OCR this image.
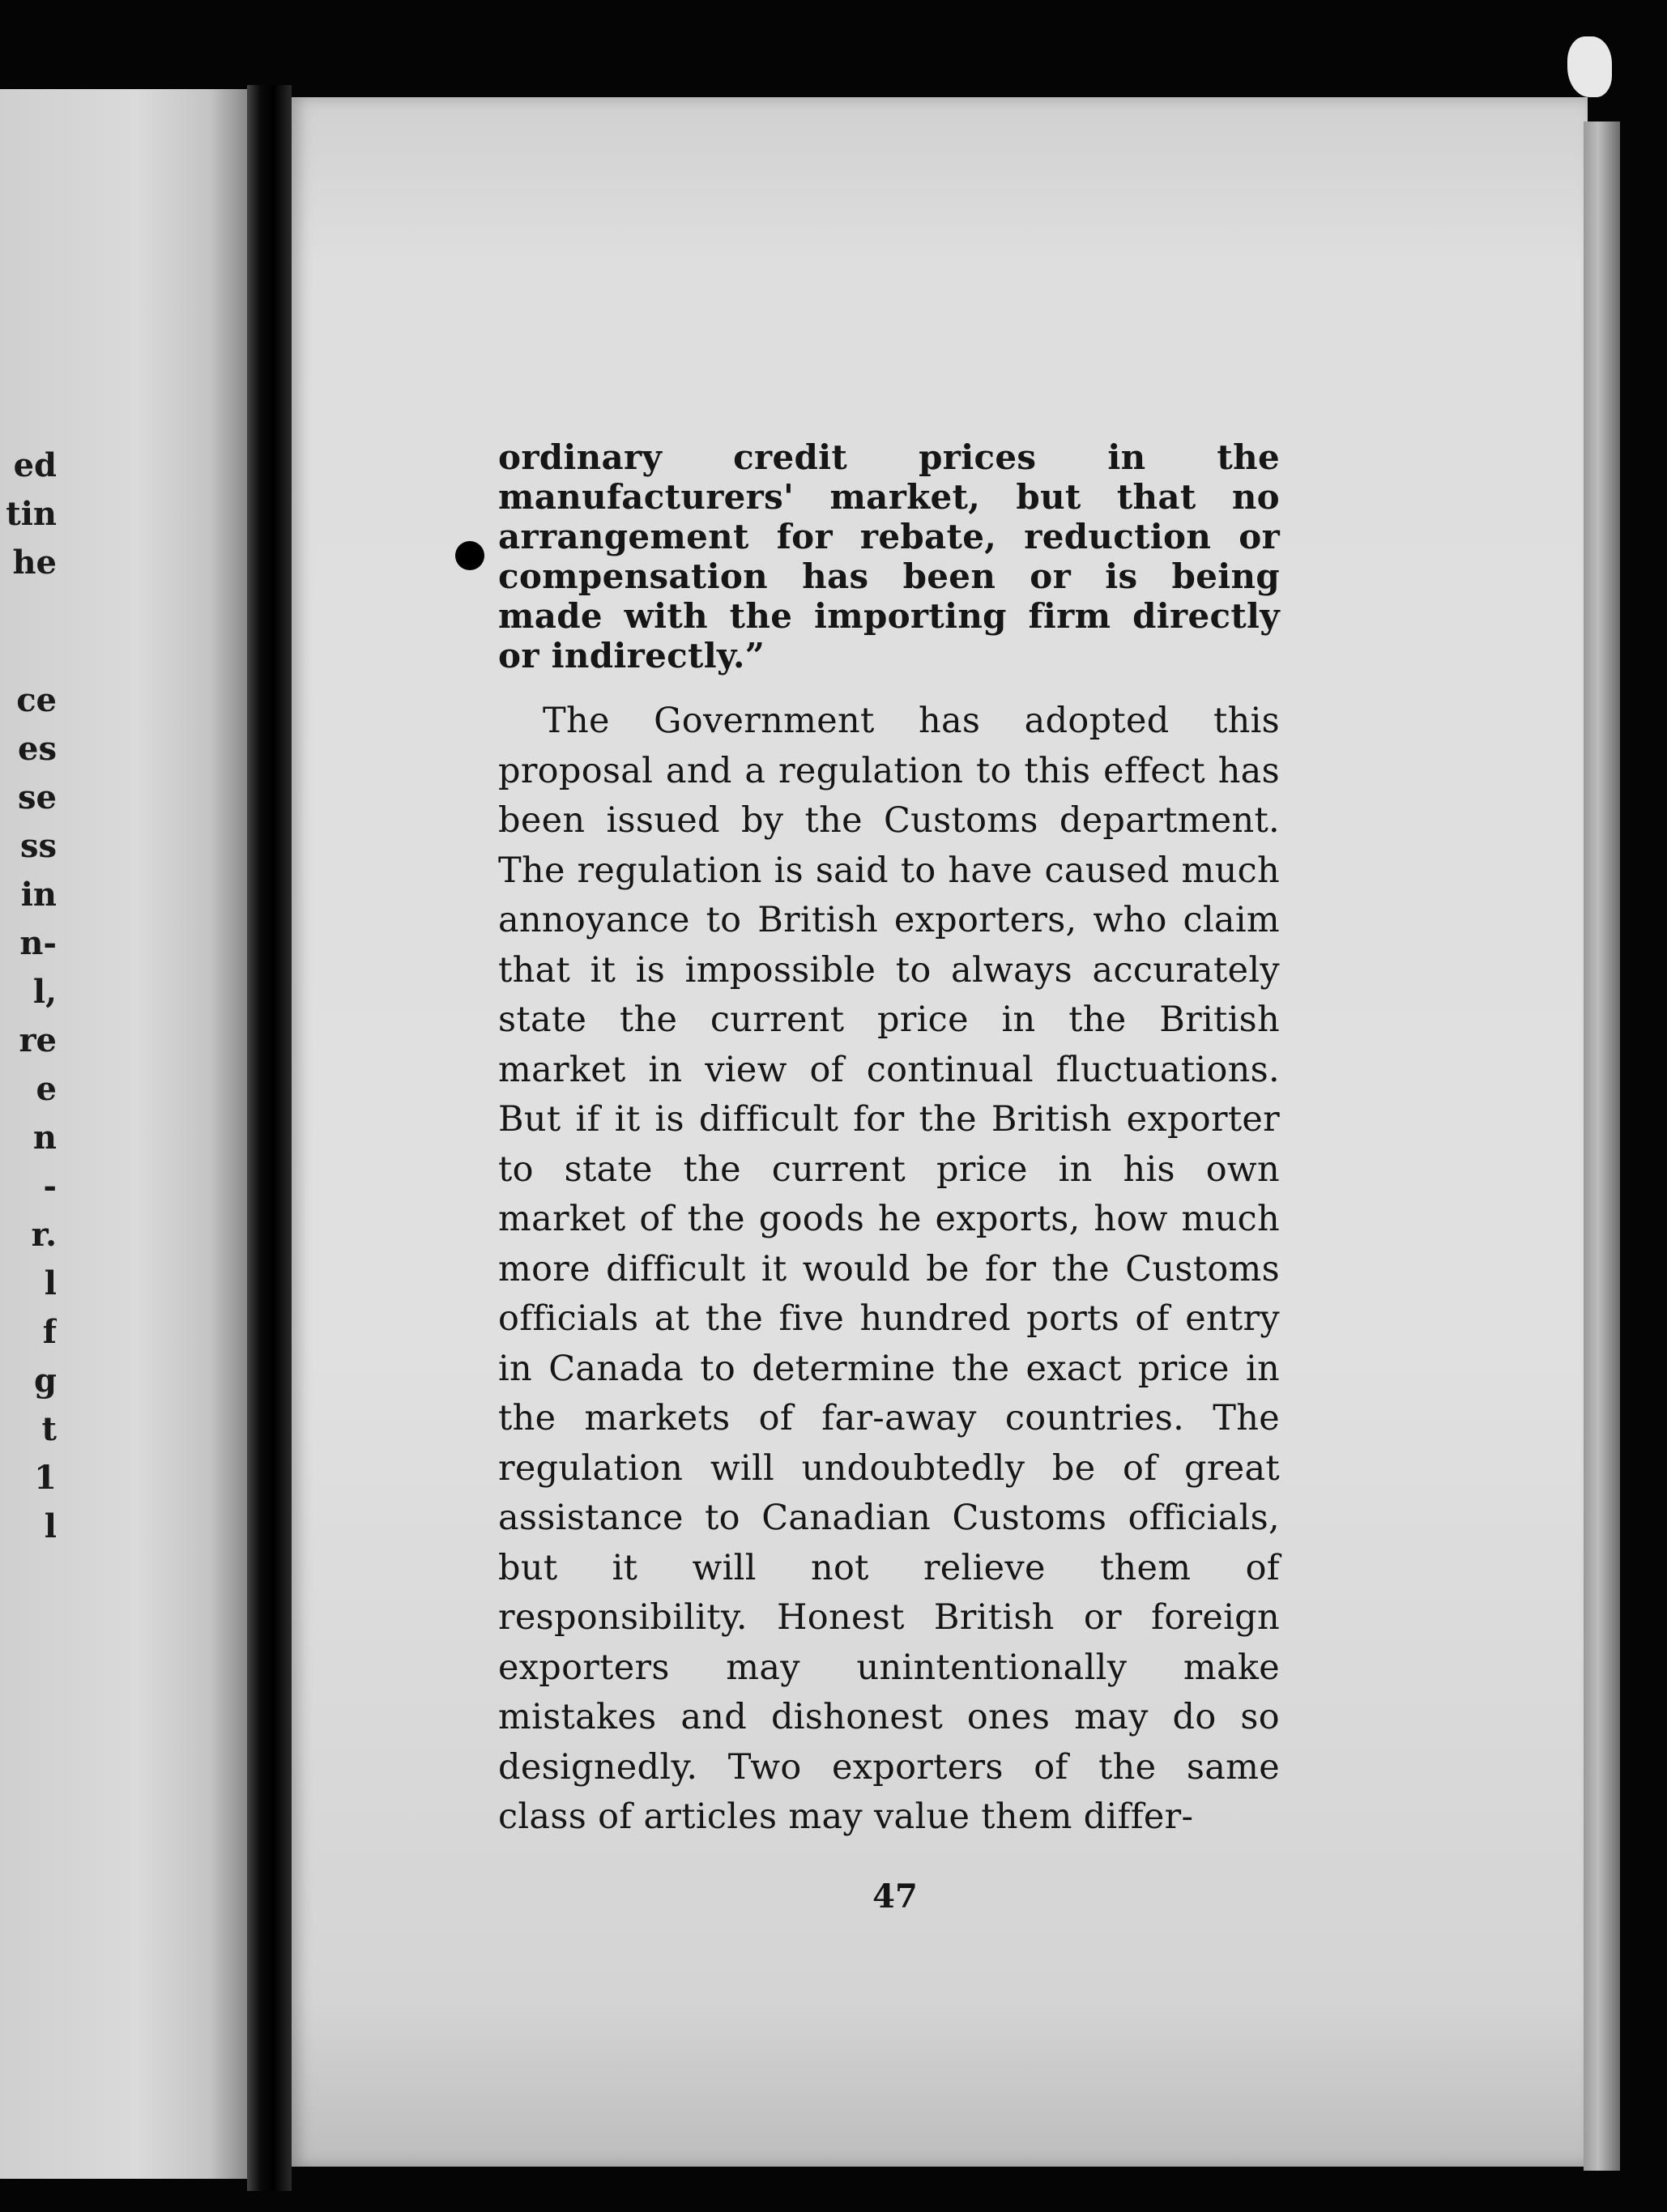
ed
tin
he
ce
es
se
ss
in
n-
l,
re
e
n
-
r.
l
f
g
t
1
l

ordinary credit prices in the manufacturers' market, but that no arrangement for rebate, reduction or compensation has been or is being made with the importing firm directly or indirectly.”

The Government has adopted this proposal and a regulation to this effect has been issued by the Customs department. The regulation is said to have caused much annoyance to British exporters, who claim that it is impossible to always accurately state the current price in the British market in view of continual fluctuations. But if it is difficult for the British exporter to state the current price in his own market of the goods he exports, how much more difficult it would be for the Customs officials at the five hundred ports of entry in Canada to determine the exact price in the markets of far-away countries. The regulation will undoubtedly be of great assistance to Canadian Customs officials, but it will not relieve them of responsibility. Honest British or foreign exporters may unintentionally make mistakes and dishonest ones may do so designedly. Two exporters of the same class of articles may value them differ-

47
